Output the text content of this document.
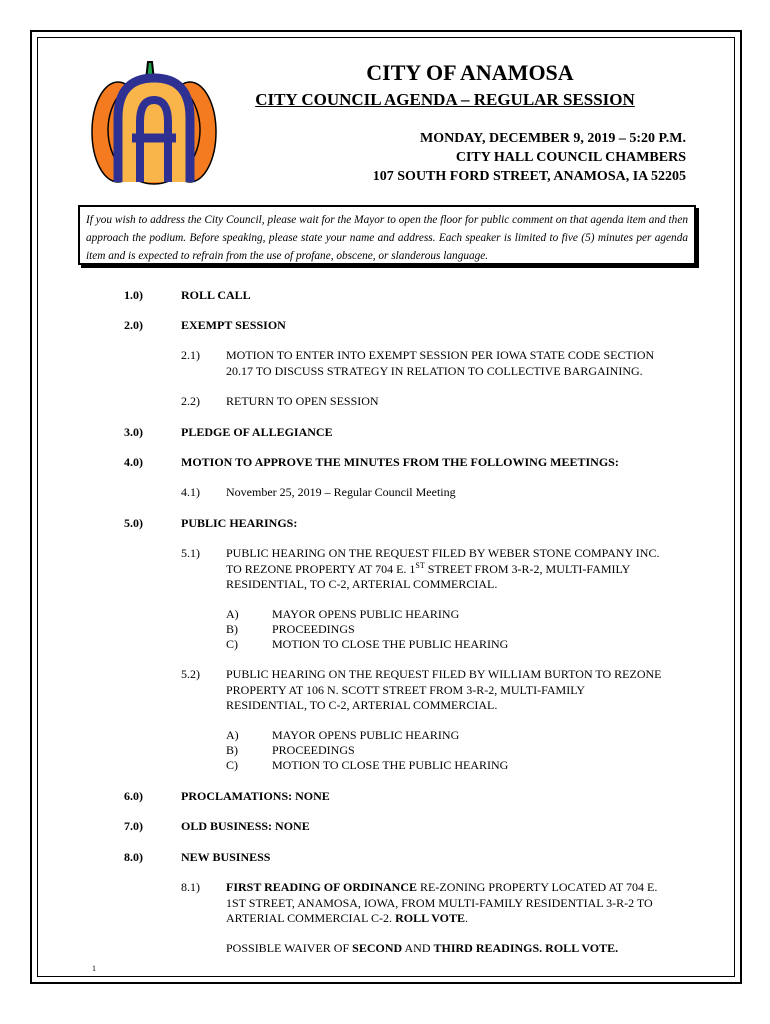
CITY OF ANAMOSA
CITY COUNCIL AGENDA – REGULAR SESSION
MONDAY, DECEMBER 9, 2019 – 5:20 P.M.
CITY HALL COUNCIL CHAMBERS
107 SOUTH FORD STREET, ANAMOSA, IA 52205
If you wish to address the City Council, please wait for the Mayor to open the floor for public comment on that agenda item and then approach the podium. Before speaking, please state your name and address. Each speaker is limited to five (5) minutes per agenda item and is expected to refrain from the use of profane, obscene, or slanderous language.
1.0)	ROLL CALL
2.0)	EXEMPT SESSION
2.1) MOTION TO ENTER INTO EXEMPT SESSION PER IOWA STATE CODE SECTION
20.17 TO DISCUSS STRATEGY IN RELATION TO COLLECTIVE BARGAINING.
2.2) RETURN TO OPEN SESSION
3.0)	PLEDGE OF ALLEGIANCE
4.0)	MOTION TO APPROVE THE MINUTES FROM THE FOLLOWING MEETINGS:
4.1) November 25, 2019 – Regular Council Meeting
5.0)	PUBLIC HEARINGS:
5.1) PUBLIC HEARING ON THE REQUEST FILED BY WEBER STONE COMPANY INC.
TO REZONE PROPERTY AT 704 E. 1ST STREET FROM 3-R-2, MULTI-FAMILY
RESIDENTIAL, TO C-2, ARTERIAL COMMERCIAL.
A)	MAYOR OPENS PUBLIC HEARING
B)	PROCEEDINGS
C)	MOTION TO CLOSE THE PUBLIC HEARING
5.2) PUBLIC HEARING ON THE REQUEST FILED BY WILLIAM BURTON TO REZONE
PROPERTY AT 106 N. SCOTT STREET FROM 3-R-2, MULTI-FAMILY
RESIDENTIAL, TO C-2, ARTERIAL COMMERCIAL.
A)	MAYOR OPENS PUBLIC HEARING
B)	PROCEEDINGS
C)	MOTION TO CLOSE THE PUBLIC HEARING
6.0)	PROCLAMATIONS: NONE
7.0)	OLD BUSINESS: NONE
8.0)	NEW BUSINESS
8.1) FIRST READING OF ORDINANCE RE-ZONING PROPERTY LOCATED AT 704 E.
1ST STREET, ANAMOSA, IOWA, FROM MULTI-FAMILY RESIDENTIAL 3-R-2 TO
ARTERIAL COMMERCIAL C-2. ROLL VOTE.
POSSIBLE WAIVER OF SECOND AND THIRD READINGS. ROLL VOTE.
1
